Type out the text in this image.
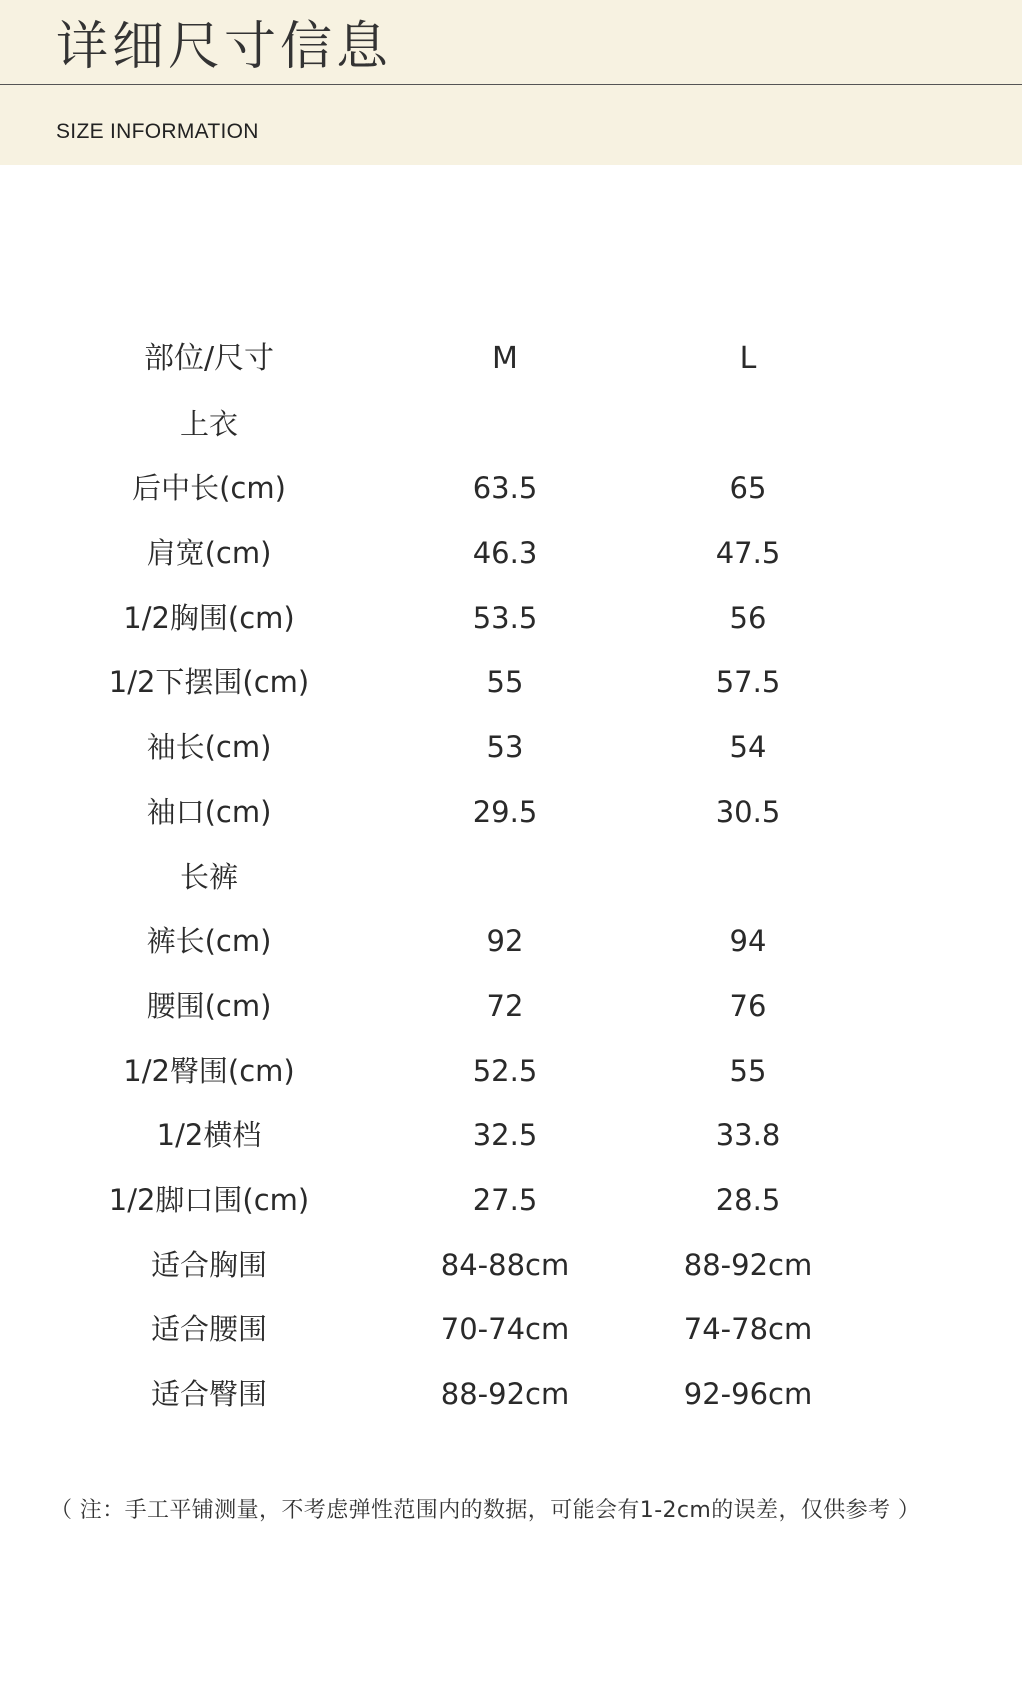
详细尺寸信息
SIZE INFORMATION
部位/尺寸	M	L
上衣
后中长(cm)	63.5	65
肩宽(cm)	46.3	47.5
1/2胸围(cm)	53.5	56
1/2下摆围(cm)	55	57.5
袖长(cm)	53	54
袖口(cm)	29.5	30.5
长裤
裤长(cm)	92	94
腰围(cm)	72	76
1/2臀围(cm)	52.5	55
1/2横档	32.5	33.8
1/2脚口围(cm)	27.5	28.5
适合胸围	84-88cm	88-92cm
适合腰围	70-74cm	74-78cm
适合臀围	88-92cm	92-96cm
（ 注：手工平铺测量，不考虑弹性范围内的数据，可能会有1-2cm的误差，仅供参考 ）
